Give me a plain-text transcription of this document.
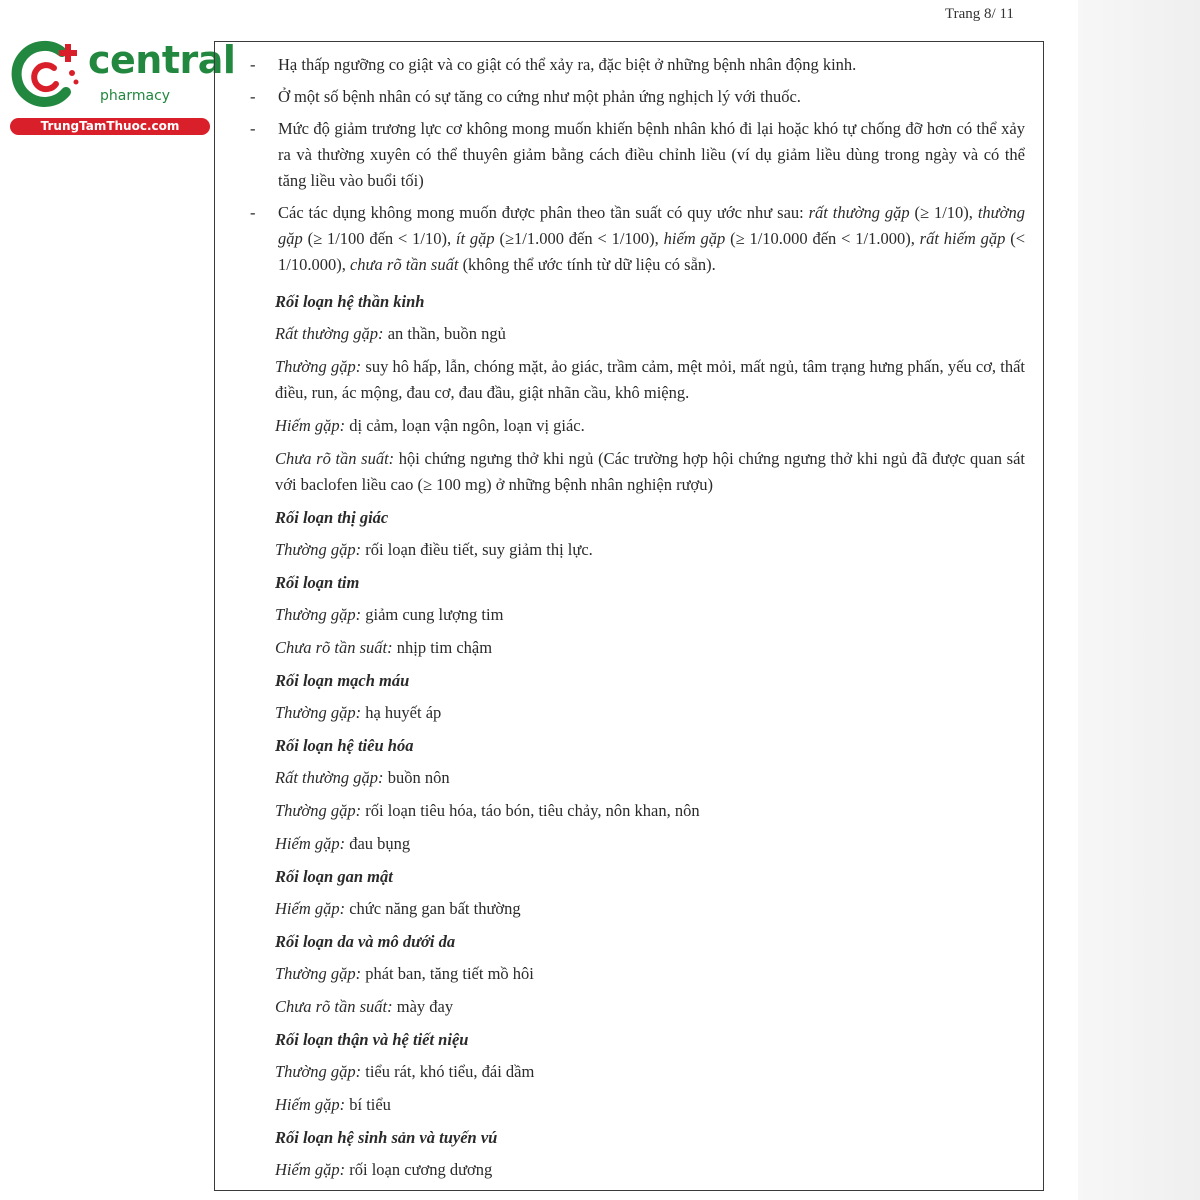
Trang 8/ 11
central
pharmacy
TrungTamThuoc.com
- Hạ thấp ngưỡng co giật và co giật có thể xảy ra, đặc biệt ở những bệnh nhân động kinh.
- Ở một số bệnh nhân có sự tăng co cứng như một phản ứng nghịch lý với thuốc.
- Mức độ giảm trương lực cơ không mong muốn khiến bệnh nhân khó đi lại hoặc khó tự chống đỡ hơn có thể xảy ra và thường xuyên có thể thuyên giảm bằng cách điều chỉnh liều (ví dụ giảm liều dùng trong ngày và có thể tăng liều vào buổi tối)
- Các tác dụng không mong muốn được phân theo tần suất có quy ước như sau: rất thường gặp (≥ 1/10), thường gặp (≥ 1/100 đến < 1/10), ít gặp (≥1/1.000 đến < 1/100), hiếm gặp (≥ 1/10.000 đến < 1/1.000), rất hiếm gặp (< 1/10.000), chưa rõ tần suất (không thể ước tính từ dữ liệu có sẵn).

Rối loạn hệ thần kinh

Rất thường gặp: an thần, buồn ngủ

Thường gặp: suy hô hấp, lẫn, chóng mặt, ảo giác, trầm cảm, mệt mỏi, mất ngủ, tâm trạng hưng phấn, yếu cơ, thất điều, run, ác mộng, đau cơ, đau đầu, giật nhãn cầu, khô miệng.

Hiếm gặp: dị cảm, loạn vận ngôn, loạn vị giác.

Chưa rõ tần suất: hội chứng ngưng thở khi ngủ (Các trường hợp hội chứng ngưng thở khi ngủ đã được quan sát với baclofen liều cao (≥ 100 mg) ở những bệnh nhân nghiện rượu)

Rối loạn thị giác

Thường gặp: rối loạn điều tiết, suy giảm thị lực.

Rối loạn tim

Thường gặp: giảm cung lượng tim

Chưa rõ tần suất: nhịp tim chậm

Rối loạn mạch máu

Thường gặp: hạ huyết áp

Rối loạn hệ tiêu hóa

Rất thường gặp: buồn nôn

Thường gặp: rối loạn tiêu hóa, táo bón, tiêu chảy, nôn khan, nôn

Hiếm gặp: đau bụng

Rối loạn gan mật

Hiếm gặp: chức năng gan bất thường

Rối loạn da và mô dưới da

Thường gặp: phát ban, tăng tiết mồ hôi

Chưa rõ tần suất: mày đay

Rối loạn thận và hệ tiết niệu

Thường gặp: tiểu rát, khó tiểu, đái dầm

Hiếm gặp: bí tiểu

Rối loạn hệ sinh sản và tuyến vú

Hiếm gặp: rối loạn cương dương
